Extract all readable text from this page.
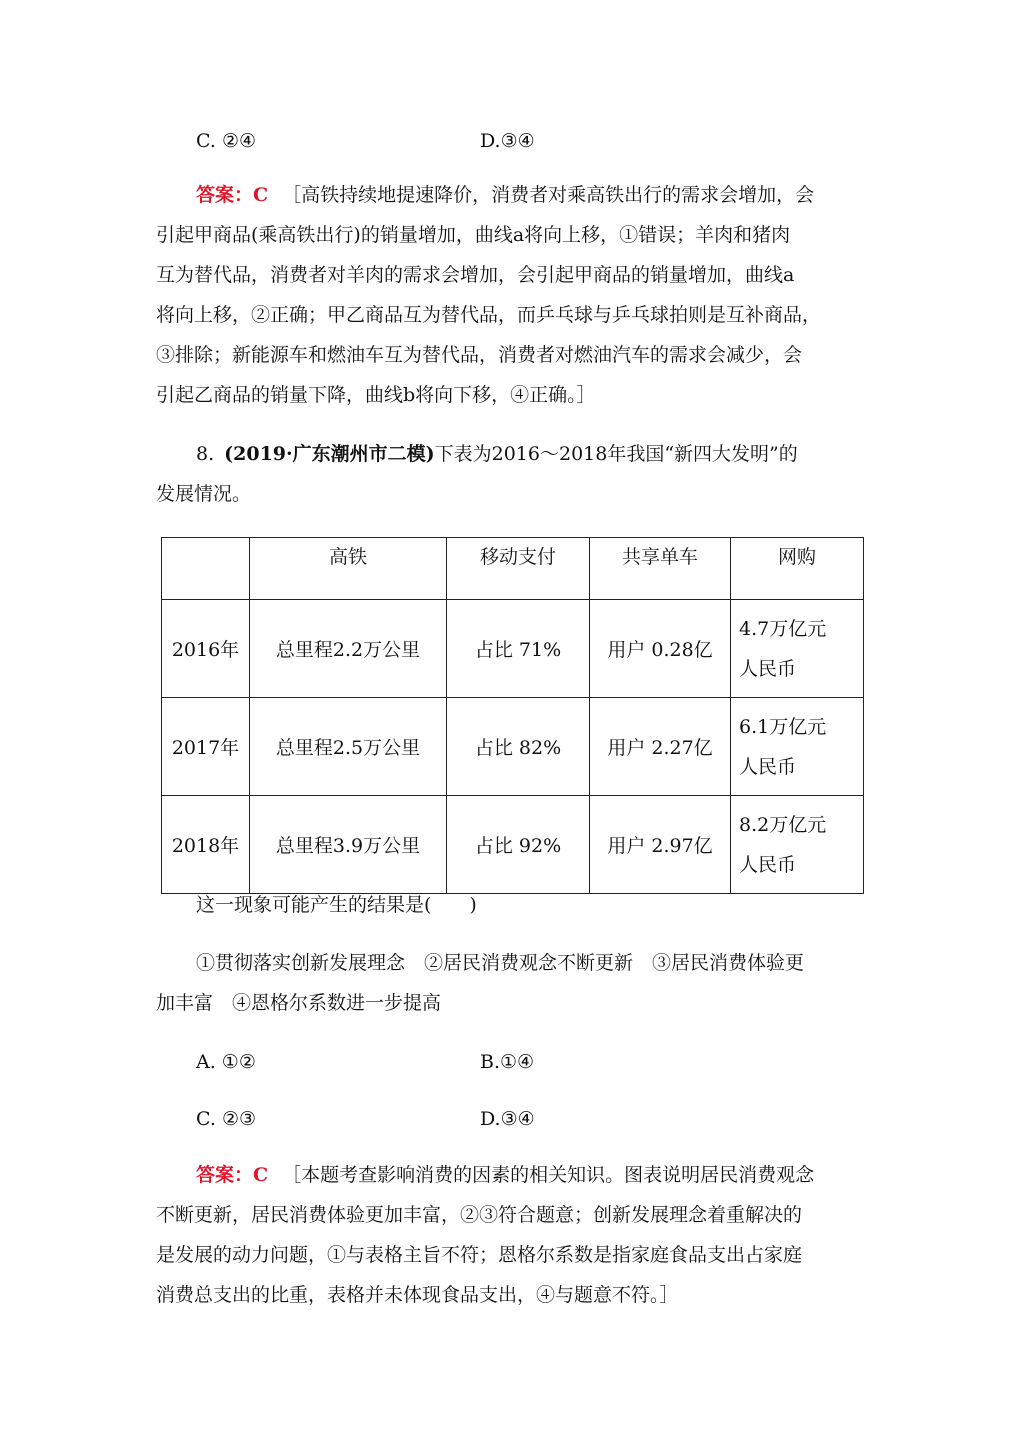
C. ②④	D.③④
答案：C ［高铁持续地提速降价，消费者对乘高铁出行的需求会增加，会
引起甲商品(乘高铁出行)的销量增加，曲线a将向上移，①错误；羊肉和猪肉
互为替代品，消费者对羊肉的需求会增加，会引起甲商品的销量增加，曲线a
将向上移，②正确；甲乙商品互为替代品，而乒乓球与乒乓球拍则是互补商品，
③排除；新能源车和燃油车互为替代品，消费者对燃油汽车的需求会减少，会
引起乙商品的销量下降，曲线b将向下移，④正确。］
8. (2019·广东潮州市二模)下表为2016～2018年我国“新四大发明”的
发展情况。
	高铁	移动支付	共享单车	网购
2016年	总里程2.2万公里	占比 71%	用户 0.28亿	4.7万亿元
人民币

2017年	总里程2.5万公里	占比 82%	用户 2.27亿	6.1万亿元
人民币

2018年	总里程3.9万公里	占比 92%	用户 2.97亿	8.2万亿元
人民币
这一现象可能产生的结果是(　　)
①贯彻落实创新发展理念　②居民消费观念不断更新　③居民消费体验更
加丰富　④恩格尔系数进一步提高
A. ①②	B.①④
C. ②③	D.③④
答案：C ［本题考查影响消费的因素的相关知识。图表说明居民消费观念
不断更新，居民消费体验更加丰富，②③符合题意；创新发展理念着重解决的
是发展的动力问题，①与表格主旨不符；恩格尔系数是指家庭食品支出占家庭
消费总支出的比重，表格并未体现食品支出，④与题意不符。］
